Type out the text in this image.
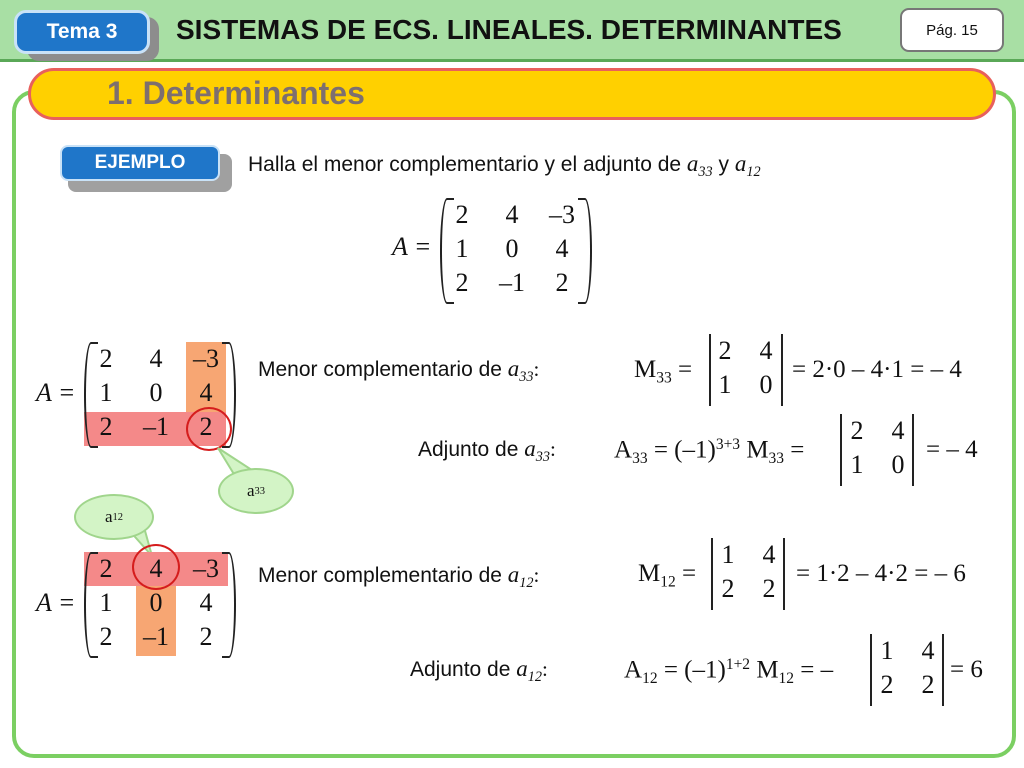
Tema 3	SISTEMAS DE ECS. LINEALES. DETERMINANTES	Pág. 15
1. Determinantes
EJEMPLO	Halla el menor complementario y el adjunto de $a_{33}$ y $a_{12}$
A =
2	4	–3
1	0	4
2	–1	2
A =
2	4	–3
1	0	4
2	–1	2
a 33
a 12
A =
2	4	–3
1	0	4
2	–1	2
Menor complementario de $a_{33}$:	$M_{33}$ =
2	4
1	0
= 2·0 – 4·1 = – 4
Adjunto de $a_{33}$: $A_{33} = (-1)^{3+3}$ $M_{33}$ =
2	4
1	0
= – 4
Menor complementario de $a_{12}$:	$M_{12}$ =
1	4
2	2
= 1·2 – 4·2 = – 6
Adjunto de $a_{12}$:	$A_{12} = (-1)^{1+2}$ $M_{12}$ = –
1	4
2	2
= 6
